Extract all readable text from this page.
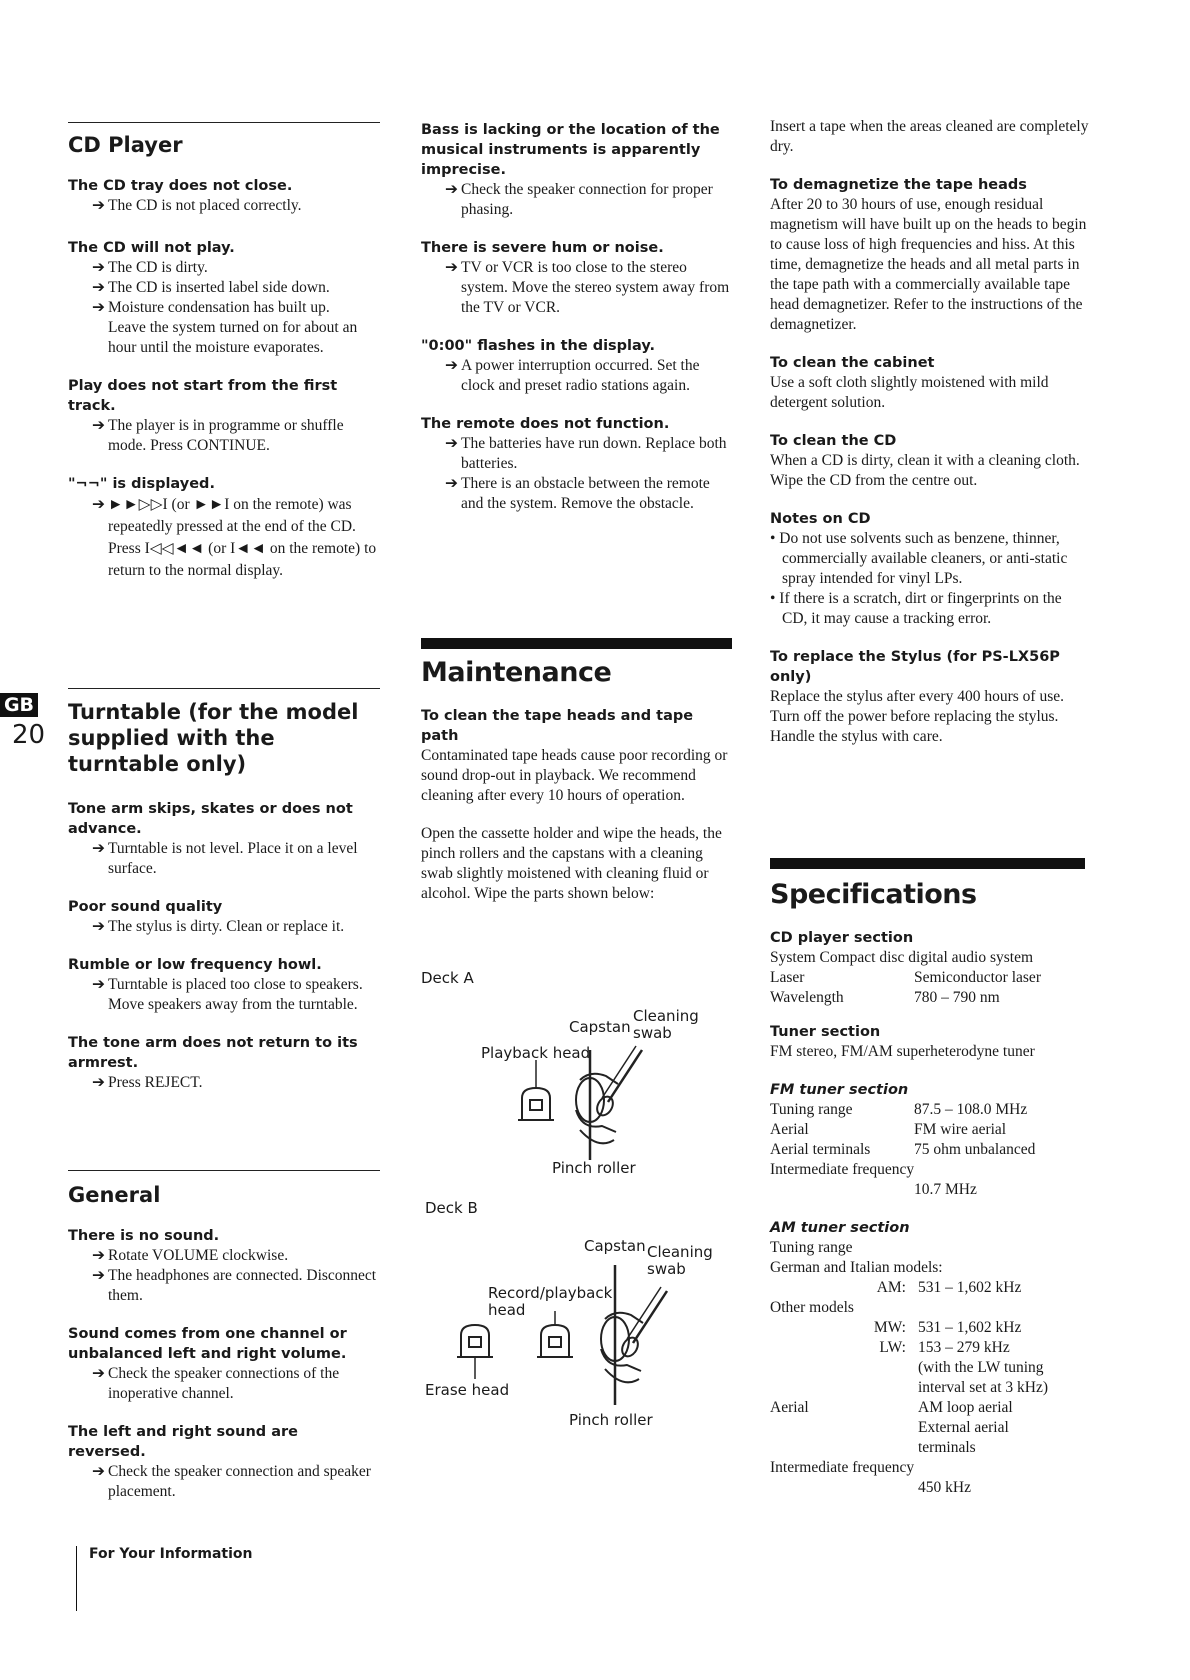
GB
20
CD Player

The CD tray does not close.

➔ The CD is not placed correctly.

The CD will not play.

➔ The CD is dirty.

➔ The CD is inserted label side down.

➔ Moisture condensation has built up.

Leave the system turned on for about an hour until the moisture evaporates.

Play does not start from the first track.

➔ The player is in programme or shuffle mode. Press CONTINUE.

"¬¬" is displayed.

➔ ►►▷▷I (or ►►I on the remote) was repeatedly pressed at the end of the CD. Press I◁◁◄◄ (or I◄◄ on the remote) to return to the normal display.

Turntable (for the model supplied with the turntable only)

Tone arm skips, skates or does not advance.

➔ Turntable is not level. Place it on a level surface.

Poor sound quality

➔ The stylus is dirty. Clean or replace it.

Rumble or low frequency howl.

➔ Turntable is placed too close to speakers. Move speakers away from the turntable.

The tone arm does not return to its armrest.

➔ Press REJECT.

General

There is no sound.

➔ Rotate VOLUME clockwise.

➔ The headphones are connected. Disconnect them.

Sound comes from one channel or unbalanced left and right volume.

➔ Check the speaker connections of the inoperative channel.

The left and right sound are reversed.

➔ Check the speaker connection and speaker placement.

Bass is lacking or the location of the musical instruments is apparently imprecise.

➔ Check the speaker connection for proper phasing.

There is severe hum or noise.

➔ TV or VCR is too close to the stereo system. Move the stereo system away from the TV or VCR.

"0:00" flashes in the display.

➔ A power interruption occurred. Set the clock and preset radio stations again.

The remote does not function.

➔ The batteries have run down. Replace both batteries.

➔ There is an obstacle between the remote and the system. Remove the obstacle.

Maintenance

To clean the tape heads and tape path

Contaminated tape heads cause poor recording or sound drop-out in playback. We recommend cleaning after every 10 hours of operation.

Open the cassette holder and wipe the heads, the pinch rollers and the capstans with a cleaning swab slightly moistened with cleaning fluid or alcohol. Wipe the parts shown below:

Deck A
Capstan
Cleaning swab
Playback head
Pinch roller
Deck B
Capstan Cleaning swab
Record/playback head
Erase head
Pinch roller

Insert a tape when the areas cleaned are completely dry.

To demagnetize the tape heads

After 20 to 30 hours of use, enough residual magnetism will have built up on the heads to begin to cause loss of high frequencies and hiss. At this time, demagnetize the heads and all metal parts in the tape path with a commercially available tape head demagnetizer. Refer to the instructions of the demagnetizer.

To clean the cabinet

Use a soft cloth slightly moistened with mild detergent solution.

To clean the CD

When a CD is dirty, clean it with a cleaning cloth. Wipe the CD from the centre out.

Notes on CD

• Do not use solvents such as benzene, thinner, commercially available cleaners, or anti-static spray intended for vinyl LPs.

• If there is a scratch, dirt or fingerprints on the CD, it may cause a tracking error.

To replace the Stylus (for PS-LX56P only)

Replace the stylus after every 400 hours of use. Turn off the power before replacing the stylus. Handle the stylus with care.

Specifications

CD player section

System Compact disc digital audio system

Laser	Semiconductor laser
Wavelength	780 – 790 nm

Tuner section

FM stereo, FM/AM superheterodyne tuner

FM tuner section

Tuning range	87.5 – 108.0 MHz
Aerial	FM wire aerial
Aerial terminals	75 ohm unbalanced

Intermediate frequency

10.7 MHz

AM tuner section

Tuning range

German and Italian models:

AM: 531 – 1,602 kHz

Other models

MW: 531 – 1,602 kHz
LW: 153 – 279 kHz
(with the LW tuning interval set at 3 kHz)
Aerial	AM loop aerial
External aerial terminals

Intermediate frequency

450 kHz
For Your Information
